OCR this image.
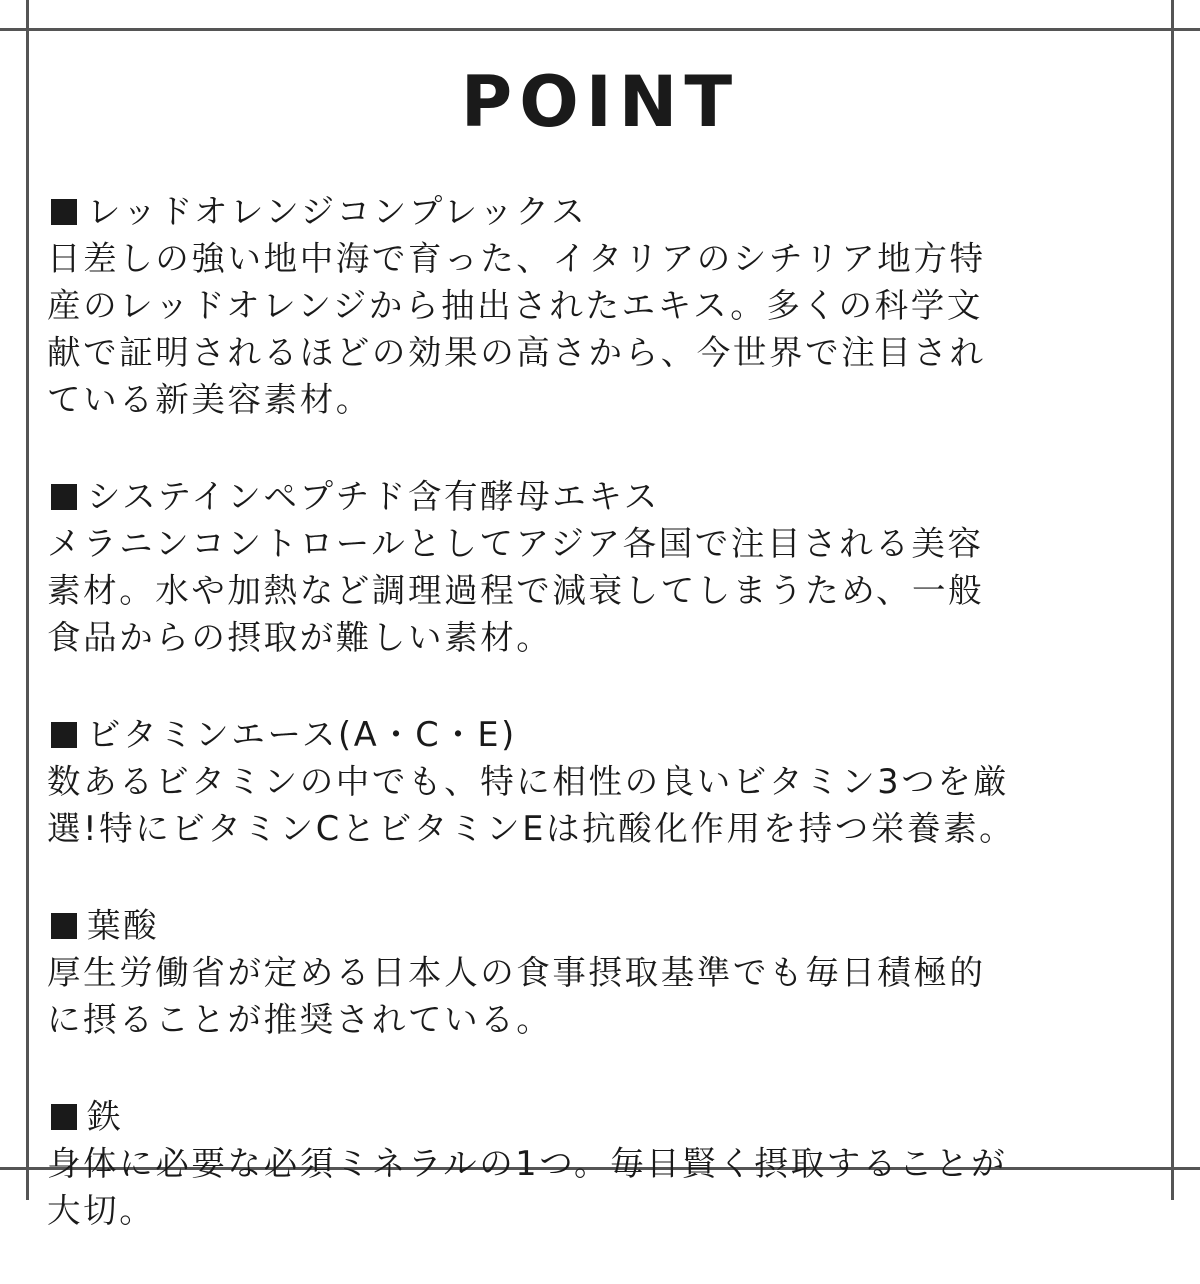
POINT
レッドオレンジコンプレックス
日差しの強い地中海で育った、イタリアのシチリア地方特
産のレッドオレンジから抽出されたエキス。多くの科学文
献で証明されるほどの効果の高さから、今世界で注目され
ている新美容素材。
システインペプチド含有酵母エキス
メラニンコントロールとしてアジア各国で注目される美容
素材。水や加熱など調理過程で減衰してしまうため、一般
食品からの摂取が難しい素材。
ビタミンエース(A・C・E)
数あるビタミンの中でも、特に相性の良いビタミン3つを厳
選!特にビタミンCとビタミンEは抗酸化作用を持つ栄養素。
葉酸
厚生労働省が定める日本人の食事摂取基準でも毎日積極的
に摂ることが推奨されている。
鉄
身体に必要な必須ミネラルの1つ。毎日賢く摂取することが
大切。
